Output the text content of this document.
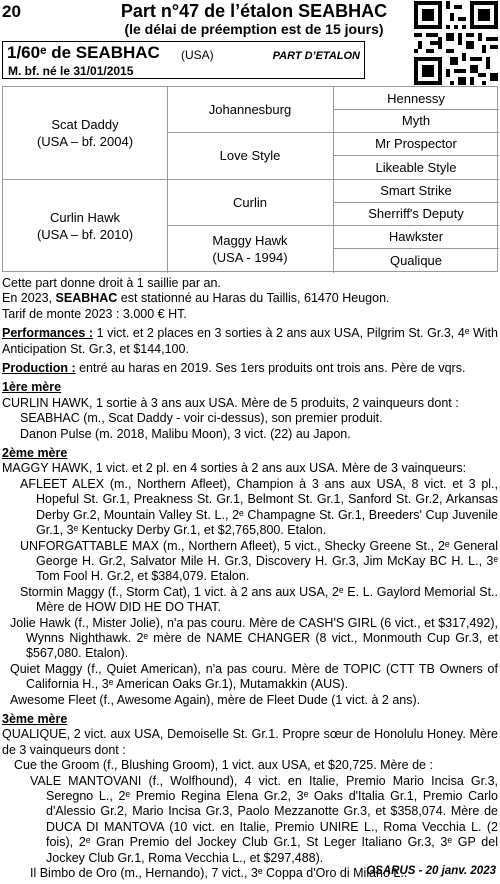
20	Part n°47 de l’étalon SEABHAC
(le délai de préemption est de 15 jours)
1/60ᵉ de SEABHAC (USA)	PART D’ETALON
M. bf. né le 31/01/2015
Scat Daddy
(USA – bf. 2004)
Curlin Hawk
(USA – bf. 2010)
Johannesburg
Love Style
Curlin
Maggy Hawk
(USA - 1994)
Hennessy
Myth
Mr Prospector
Likeable Style
Smart Strike
Sherriff's Deputy
Hawkster
Qualique

Cette part donne droit à 1 saillie par an.

En 2023, SEABHAC est stationné au Haras du Taillis, 61470 Heugon.

Tarif de monte 2023 : 3.000 € HT.

Performances : 1 vict. et 2 places en 3 sorties à 2 ans aux USA, Pilgrim St. Gr.3, 4ᵉ With Anticipation St. Gr.3, et $144,100.

Production : entré au haras en 2019. Ses 1ers produits ont trois ans. Père de vqrs.

1ère mère

CURLIN HAWK, 1 sortie à 3 ans aux USA. Mère de 5 produits, 2 vainqueurs dont :

SEABHAC (m., Scat Daddy - voir ci-dessus), son premier produit.

Danon Pulse (m. 2018, Malibu Moon), 3 vict. (22) au Japon.

2ème mère

MAGGY HAWK, 1 vict. et 2 pl. en 4 sorties à 2 ans aux USA. Mère de 3 vainqueurs:

AFLEET ALEX (m., Northern Afleet), Champion à 3 ans aux USA, 8 vict. et 3 pl., Hopeful St. Gr.1, Preakness St. Gr.1, Belmont St. Gr.1, Sanford St. Gr.2, Arkansas Derby Gr.2, Mountain Valley St. L., 2ᵉ Champagne St. Gr.1, Breeders' Cup Juvenile Gr.1, 3ᵉ Kentucky Derby Gr.1, et $2,765,800. Etalon.

UNFORGATTABLE MAX (m., Northern Afleet), 5 vict., Shecky Greene St., 2ᵉ General George H. Gr.2, Salvator Mile H. Gr.3, Discovery H. Gr.3, Jim McKay BC H. L., 3ᵉ Tom Fool H. Gr.2, et $384,079. Etalon.

Stormin Maggy (f., Storm Cat), 1 vict. à 2 ans aux USA, 2ᵉ E. L. Gaylord Memorial St.. Mère de HOW DID HE DO THAT.

Jolie Hawk (f., Mister Jolie), n'a pas couru. Mère de CASH'S GIRL (6 vict., et $317,492), Wynns Nighthawk. 2ᵉ mère de NAME CHANGER (8 vict., Monmouth Cup Gr.3, et $567,080. Etalon).

Quiet Maggy (f., Quiet American), n'a pas couru. Mère de TOPIC (CTT TB Owners of California H., 3ᵉ American Oaks Gr.1), Mutamakkin (AUS).

Awesome Fleet (f., Awesome Again), mère de Fleet Dude (1 vict. à 2 ans).

3ème mère

QUALIQUE, 2 vict. aux USA, Demoiselle St. Gr.1. Propre sœur de Honolulu Honey. Mère de 3 vainqueurs dont :

Cue the Groom (f., Blushing Groom), 1 vict. aux USA, et $20,725. Mère de :

VALE MANTOVANI (f., Wolfhound), 4 vict. en Italie, Premio Mario Incisa Gr.3, Seregno L., 2ᵉ Premio Regina Elena Gr.2, 3ᵉ Oaks d'Italia Gr.1, Premio Carlo d'Alessio Gr.2, Mario Incisa Gr.3, Paolo Mezzanotte Gr.3, et $358,074. Mère de DUCA DI MANTOVA (10 vict. en Italie, Premio UNIRE L., Roma Vecchia L. (2 fois), 2ᵉ Gran Premio del Jockey Club Gr.1, St Leger Italiano Gr.3, 3ᵉ GP del Jockey Club Gr.1, Roma Vecchia L., et $297,488).

Il Bimbo de Oro (m., Hernando), 7 vict., 3ᵉ Coppa d'Oro di Milano L..

OSARUS - 20 janv. 2023
